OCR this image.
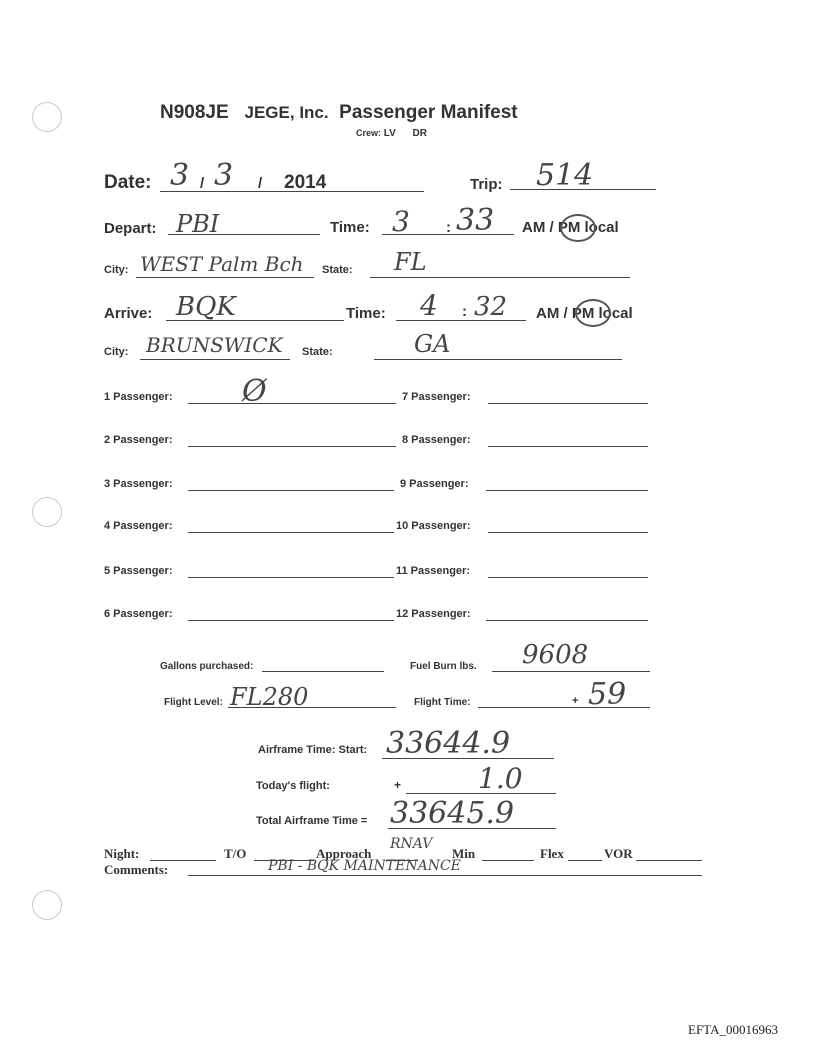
N908JE JEGE, Inc. Passenger Manifest
Crew: LV DR
Date: 3 / 3 / 2014	Trip: 514
Depart: PBI	Time: 3 : 33 AM / PM local
City: WEST Palm Bch State: FL
Arrive: BQK	Time: 4 : 32 AM / PM local
City: BRUNSWICK State:	GA
1 Passenger: Ø	7 Passenger:
2 Passenger:	8 Passenger:
3 Passenger:	9 Passenger:
4 Passenger:	10 Passenger:
5 Passenger:	11 Passenger:
6 Passenger:	12 Passenger:
Gallons purchased:	Fuel Burn lbs. 9608
Flight Level: FL280	Flight Time:	+ 59
Airframe Time: Start: 33644.9
Today's flight:	+	1.0
Total Airframe Time = 33645.9
Night:	T/O	Approach
RNAV
Min	Flex	VOR
Comments:	PBI - BQK MAINTENANCE
EFTA_00016963
